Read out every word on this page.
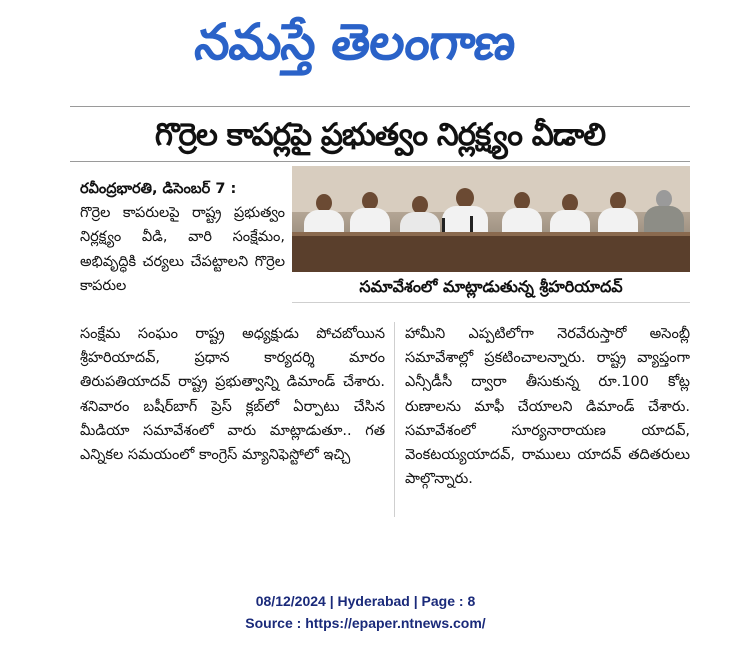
నమస్తే తెలంగాణ
గొర్రెల కాపర్లపై ప్రభుత్వం నిర్లక్ష్యం వీడాలి

రవీంద్రభారతి, డిసెంబర్ 7 :

గొర్రెల కాపరులపై రాష్ట్ర ప్రభుత్వం నిర్లక్ష్యం వీడి, వారి సంక్షేమం, అభివృద్ధికి చర్యలు చేపట్టాలని గొర్రెల కాపరుల	సమావేశంలో మాట్లాడుతున్న శ్రీహరియాదవ్

సంక్షేమ సంఘం రాష్ట్ర అధ్యక్షుడు పోచబోయిన శ్రీహరియాదవ్, ప్రధాన కార్యదర్శి మారం తిరుపతియాదవ్ రాష్ట్ర ప్రభుత్వాన్ని డిమాండ్ చేశారు. శనివారం బషీర్‌బాగ్ ప్రెస్ క్లబ్‌లో ఏర్పాటు చేసిన మీడియా సమావేశంలో వారు మాట్లాడుతూ.. గత ఎన్నికల సమయంలో కాంగ్రెస్ మ్యానిఫెస్టోలో ఇచ్చి

హామీని ఎప్పటిలోగా నెరవేరుస్తారో అసెంబ్లీ సమావేశాల్లో ప్రకటించాలన్నారు. రాష్ట్ర వ్యాప్తంగా ఎన్సీడీసీ ద్వారా తీసుకున్న రూ.100 కోట్ల రుణాలను మాఫీ చేయాలని డిమాండ్ చేశారు. సమావేశంలో సూర్యనారాయణ యాదవ్, వెంకటయ్యయాదవ్, రాములు యాదవ్ తదితరులు పాల్గొన్నారు.

08/12/2024 | Hyderabad | Page : 8
Source : https://epaper.ntnews.com/
